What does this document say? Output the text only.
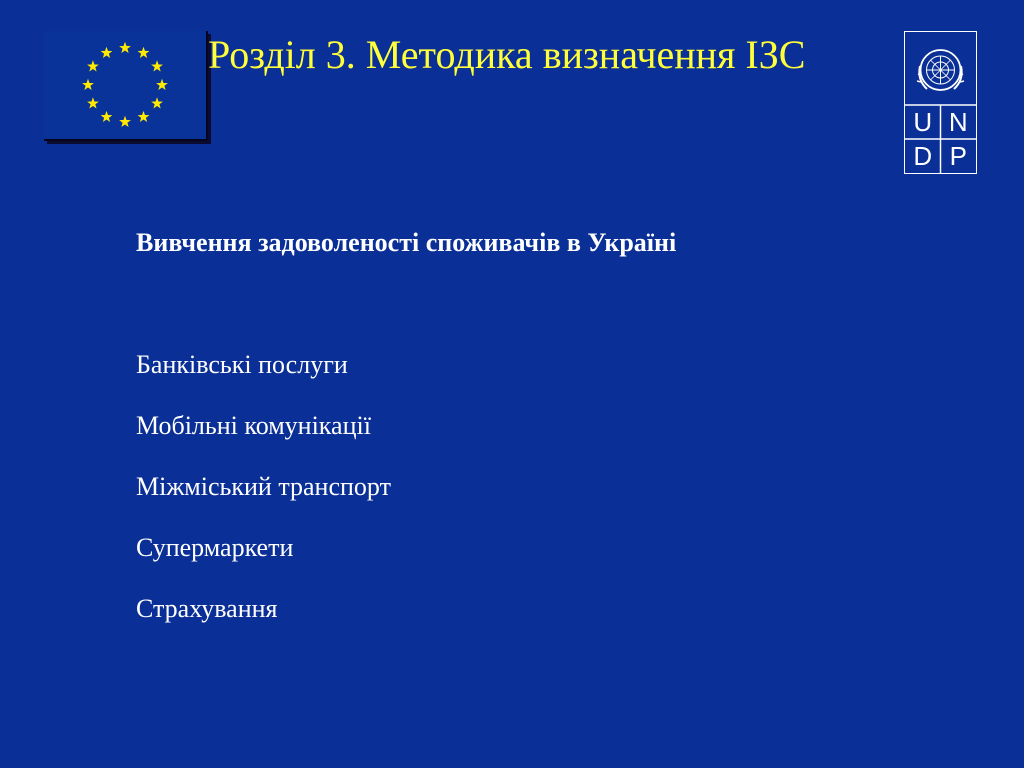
Розділ 3. Методика визначення ІЗС
U N
D P
Вивчення задоволеності споживачів в Україні
Банківські послуги
Мобільні комунікації
Міжміський транспорт
Супермаркети
Страхування
